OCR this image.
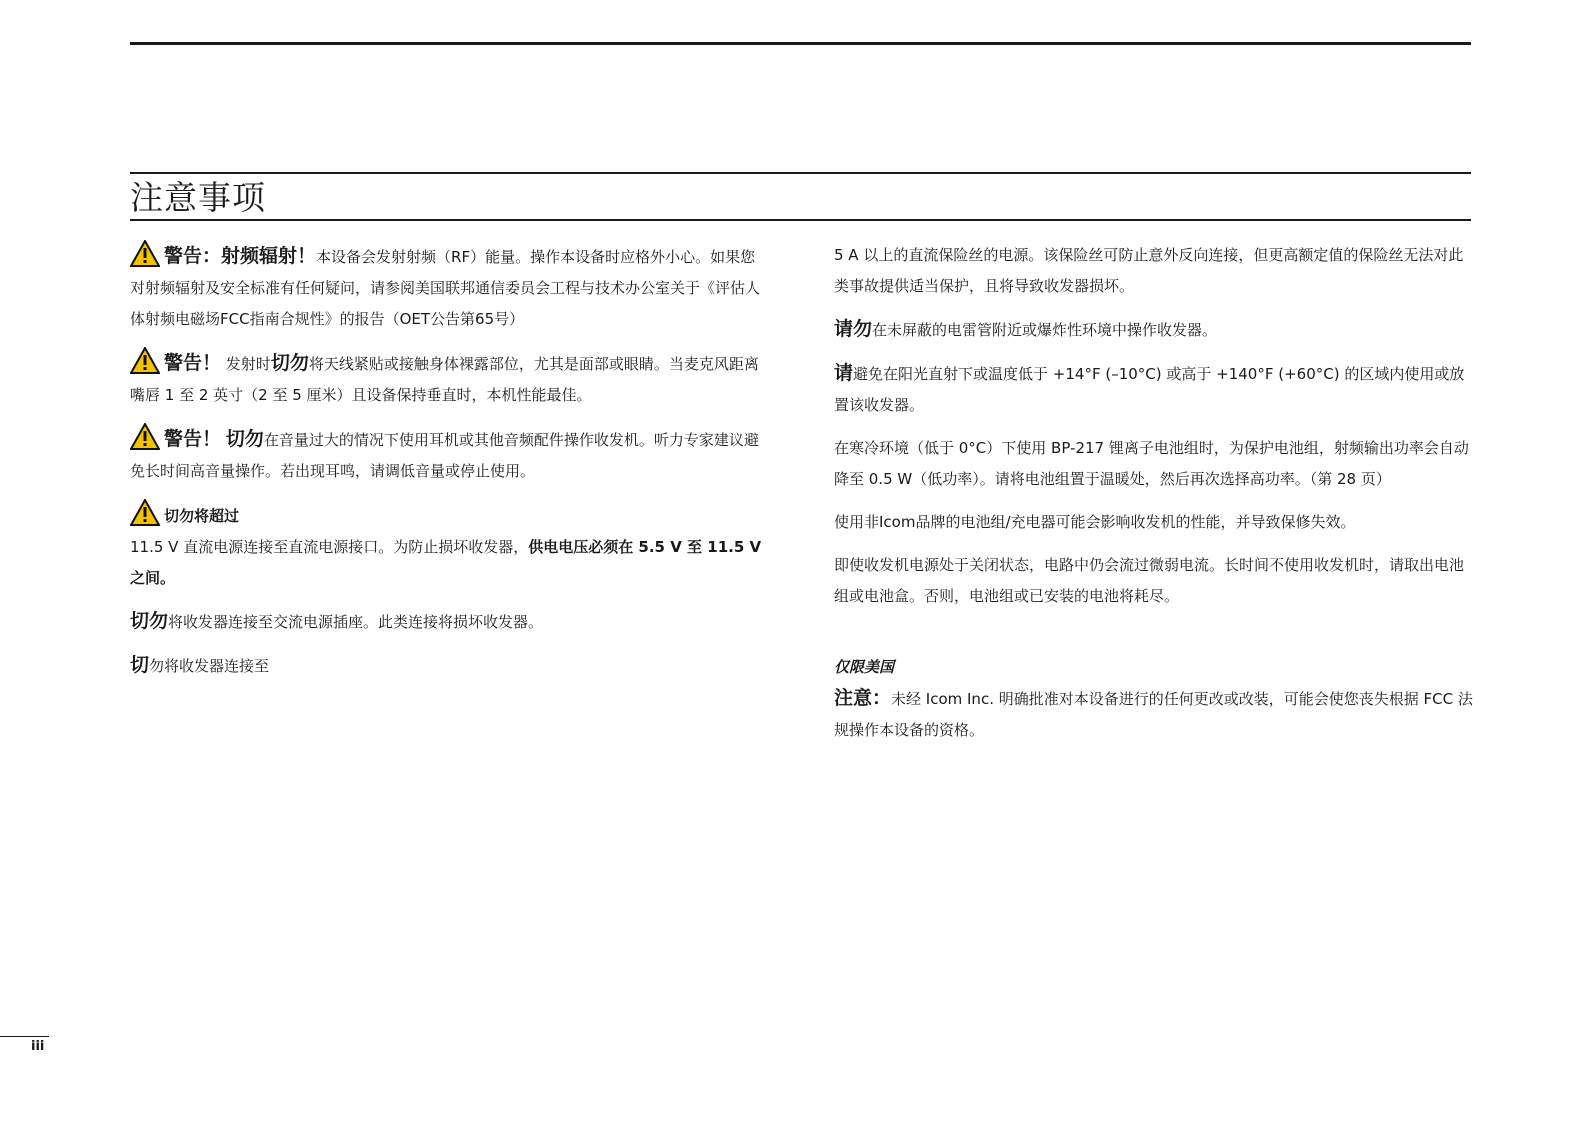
注意事项

警告：射频辐射！本设备会发射射频（RF）能量。操作本设备时应格外小心。如果您对射频辐射及安全标准有任何疑问，请参阅美国联邦通信委员会工程与技术办公室关于《评估人体射频电磁场FCC指南合规性》的报告（OET公告第65号）

警告！ 发射时切勿将天线紧贴或接触身体裸露部位，尤其是面部或眼睛。当麦克风距离嘴唇 1 至 2 英寸（2 至 5 厘米）且设备保持垂直时，本机性能最佳。

警告！ 切勿在音量过大的情况下使用耳机或其他音频配件操作收发机。听力专家建议避免长时间高音量操作。若出现耳鸣，请调低音量或停止使用。

切勿将超过

11.5 V 直流电源连接至直流电源接口。为防止损坏收发器，供电电压必须在 5.5 V 至 11.5 V 之间。

切勿将收发器连接至交流电源插座。此类连接将损坏收发器。

切勿将收发器连接至

5 A 以上的直流保险丝的电源。该保险丝可防止意外反向连接，但更高额定值的保险丝无法对此类事故提供适当保护，且将导致收发器损坏。

请勿在未屏蔽的电雷管附近或爆炸性环境中操作收发器。

请避免在阳光直射下或温度低于 +14°F (–10°C) 或高于 +140°F (+60°C) 的区域内使用或放置该收发器。

在寒冷环境（低于 0°C）下使用 BP-217 锂离子电池组时，为保护电池组，射频输出功率会自动降至 0.5 W（低功率）。请将电池组置于温暖处，然后再次选择高功率。（第 28 页）

使用非Icom品牌的电池组/充电器可能会影响收发机的性能，并导致保修失效。

即使收发机电源处于关闭状态，电路中仍会流过微弱电流。长时间不使用收发机时，请取出电池组或电池盒。否则，电池组或已安装的电池将耗尽。

仅限美国

注意：未经 Icom Inc. 明确批准对本设备进行的任何更改或改装，可能会使您丧失根据 FCC 法规操作本设备的资格。

iii
